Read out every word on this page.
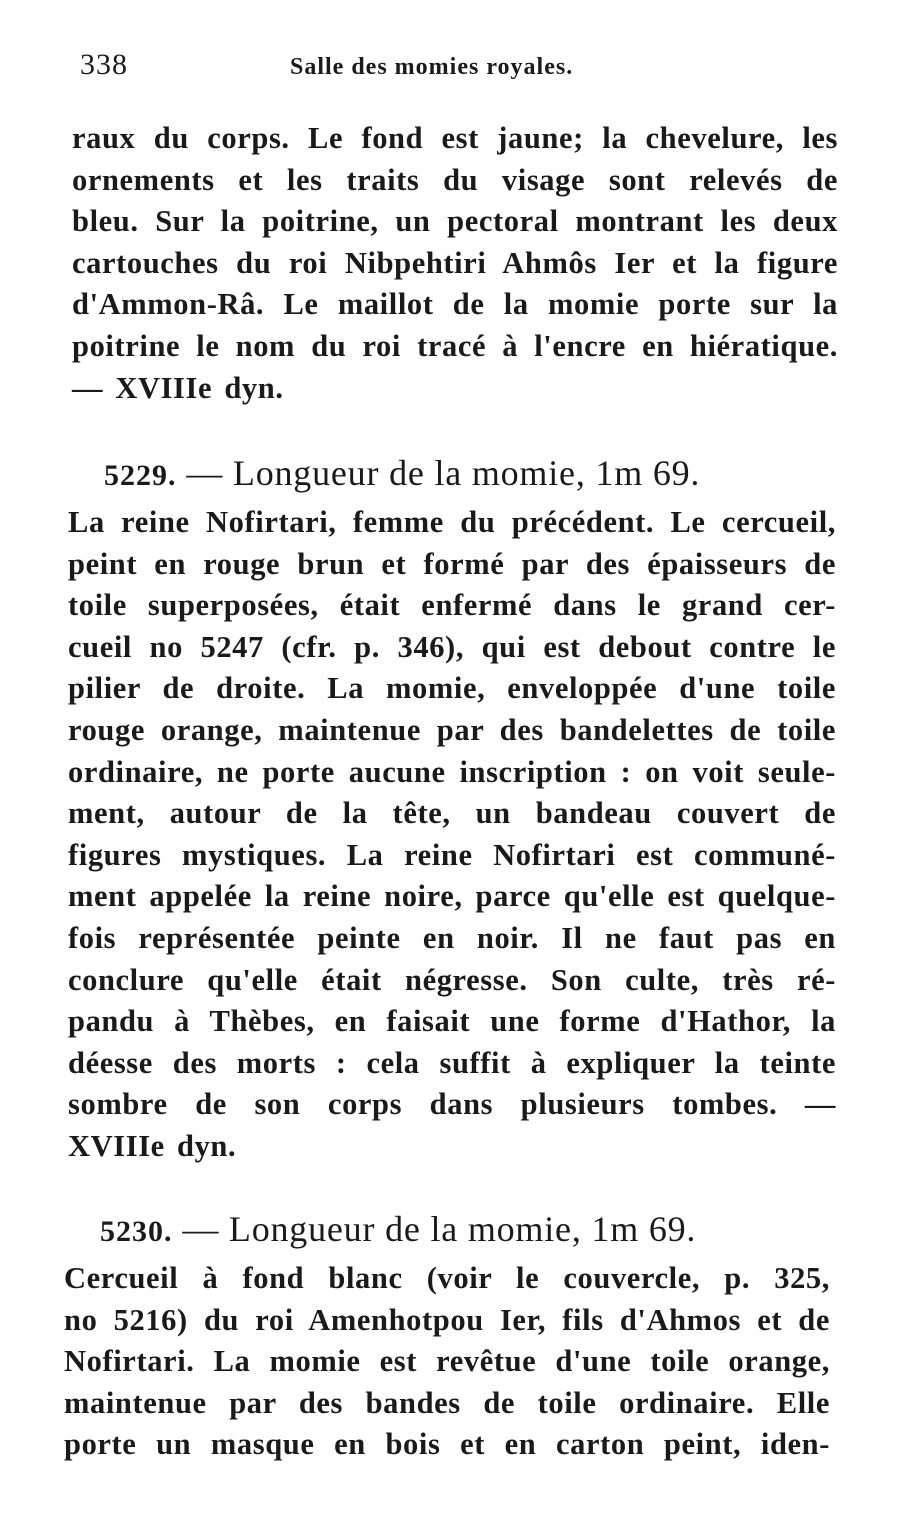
338	Salle des momies royales.
raux du corps. Le fond est jaune; la chevelure, les
ornements et les traits du visage sont relevés de
bleu. Sur la poitrine, un pectoral montrant les deux
cartouches du roi Nibpehtiri Ahmôs Ier et la figure
d'Ammon-Râ. Le maillot de la momie porte sur la
poitrine le nom du roi tracé à l'encre en hiératique.
— XVIIIe dyn.
5229. — Longueur de la momie, 1m 69.
La reine Nofirtari, femme du précédent. Le cercueil,
peint en rouge brun et formé par des épaisseurs de
toile superposées, était enfermé dans le grand cer-
cueil no 5247 (cfr. p. 346), qui est debout contre le
pilier de droite. La momie, enveloppée d'une toile
rouge orange, maintenue par des bandelettes de toile
ordinaire, ne porte aucune inscription : on voit seule-
ment, autour de la tête, un bandeau couvert de
figures mystiques. La reine Nofirtari est communé-
ment appelée la reine noire, parce qu'elle est quelque-
fois représentée peinte en noir. Il ne faut pas en
conclure qu'elle était négresse. Son culte, très ré-
pandu à Thèbes, en faisait une forme d'Hathor, la
déesse des morts : cela suffit à expliquer la teinte
sombre de son corps dans plusieurs tombes. —
XVIIIe dyn.
5230. — Longueur de la momie, 1m 69.
Cercueil à fond blanc (voir le couvercle, p. 325,
no 5216) du roi Amenhotpou Ier, fils d'Ahmos et de
Nofirtari. La momie est revêtue d'une toile orange,
maintenue par des bandes de toile ordinaire. Elle
porte un masque en bois et en carton peint, iden-
